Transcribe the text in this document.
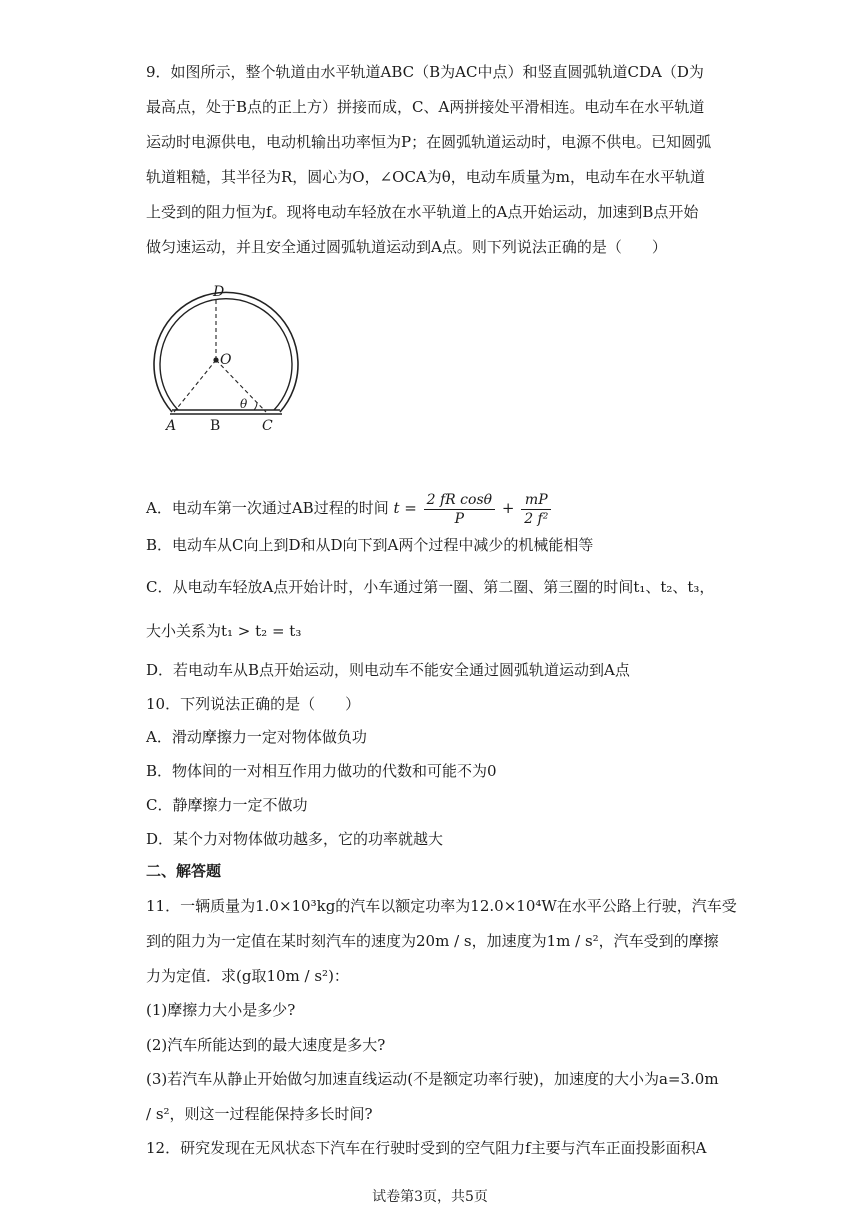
9．如图所示，整个轨道由水平轨道ABC（B为AC中点）和竖直圆弧轨道CDA（D为
最高点，处于B点的正上方）拼接而成，C、A两拼接处平滑相连。电动车在水平轨道
运动时电源供电，电动机输出功率恒为P；在圆弧轨道运动时，电源不供电。已知圆弧
轨道粗糙，其半径为R，圆心为O，∠OCA为θ，电动车质量为m，电动车在水平轨道
上受到的阻力恒为f。现将电动车轻放在水平轨道上的A点开始运动，加速到B点开始
做匀速运动，并且安全通过圆弧轨道运动到A点。则下列说法正确的是（　　）
D
O
θ
A B	C
A．电动车第一次通过AB过程的时间 $t = \frac{\text{2 fR cosθ}}{P} + \frac{mP}{\text{2 f²}}$
B．电动车从C向上到D和从D向下到A两个过程中减少的机械能相等
C．从电动车轻放A点开始计时，小车通过第一圈、第二圈、第三圈的时间t₁、t₂、t₃，
大小关系为t₁ > t₂ = t₃
D．若电动车从B点开始运动，则电动车不能安全通过圆弧轨道运动到A点
10．下列说法正确的是（　　）
A．滑动摩擦力一定对物体做负功
B．物体间的一对相互作用力做功的代数和可能不为0
C．静摩擦力一定不做功
D．某个力对物体做功越多，它的功率就越大
二、解答题
11．一辆质量为1.0×10³kg的汽车以额定功率为12.0×10⁴W在水平公路上行驶，汽车受
到的阻力为一定值在某时刻汽车的速度为20m / s，加速度为1m / s²，汽车受到的摩擦
力为定值．求(g取10m / s²)：
(1)摩擦力大小是多少?
(2)汽车所能达到的最大速度是多大?
(3)若汽车从静止开始做匀加速直线运动(不是额定功率行驶)，加速度的大小为a=3.0m
/ s²，则这一过程能保持多长时间?
12．研究发现在无风状态下汽车在行驶时受到的空气阻力f主要与汽车正面投影面积A
试卷第3页，共5页
